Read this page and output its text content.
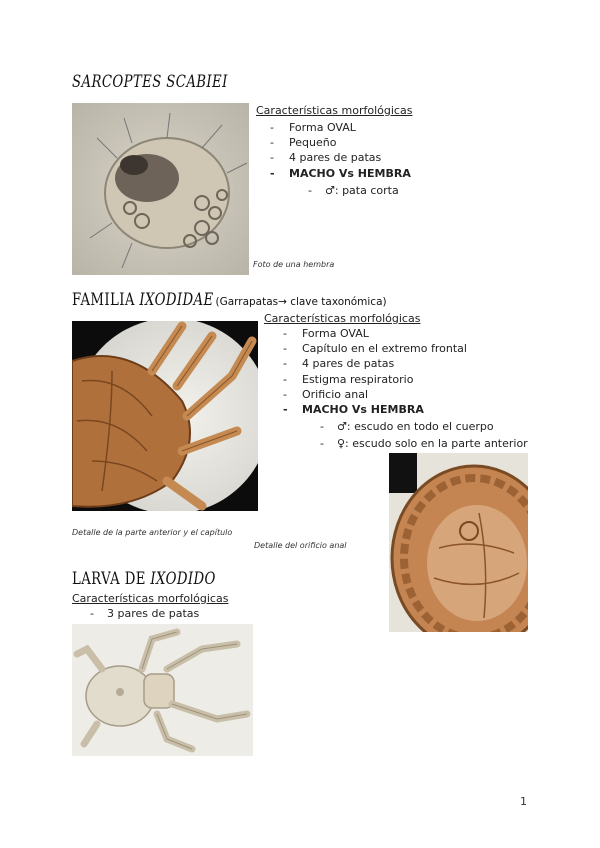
SARCOPTES SCABIEI
Características morfológicas
- Forma OVAL
- Pequeño
- 4 pares de patas
- MACHO Vs HEMBRA
- ♂: pata corta
Foto de una hembra
FAMILIA IXODIDAE (Garrapatas→ clave taxonómica)
Características morfológicas
- Forma OVAL
- Capítulo en el extremo frontal
- 4 pares de patas
- Estigma respiratorio
- Orificio anal
- MACHO Vs HEMBRA
- ♂: escudo en todo el cuerpo
- ♀: escudo solo en la parte anterior
Detalle de la parte anterior y el capítulo
Detalle del orificio anal
LARVA DE IXODIDO
Características morfológicas
- 3 pares de patas
1
